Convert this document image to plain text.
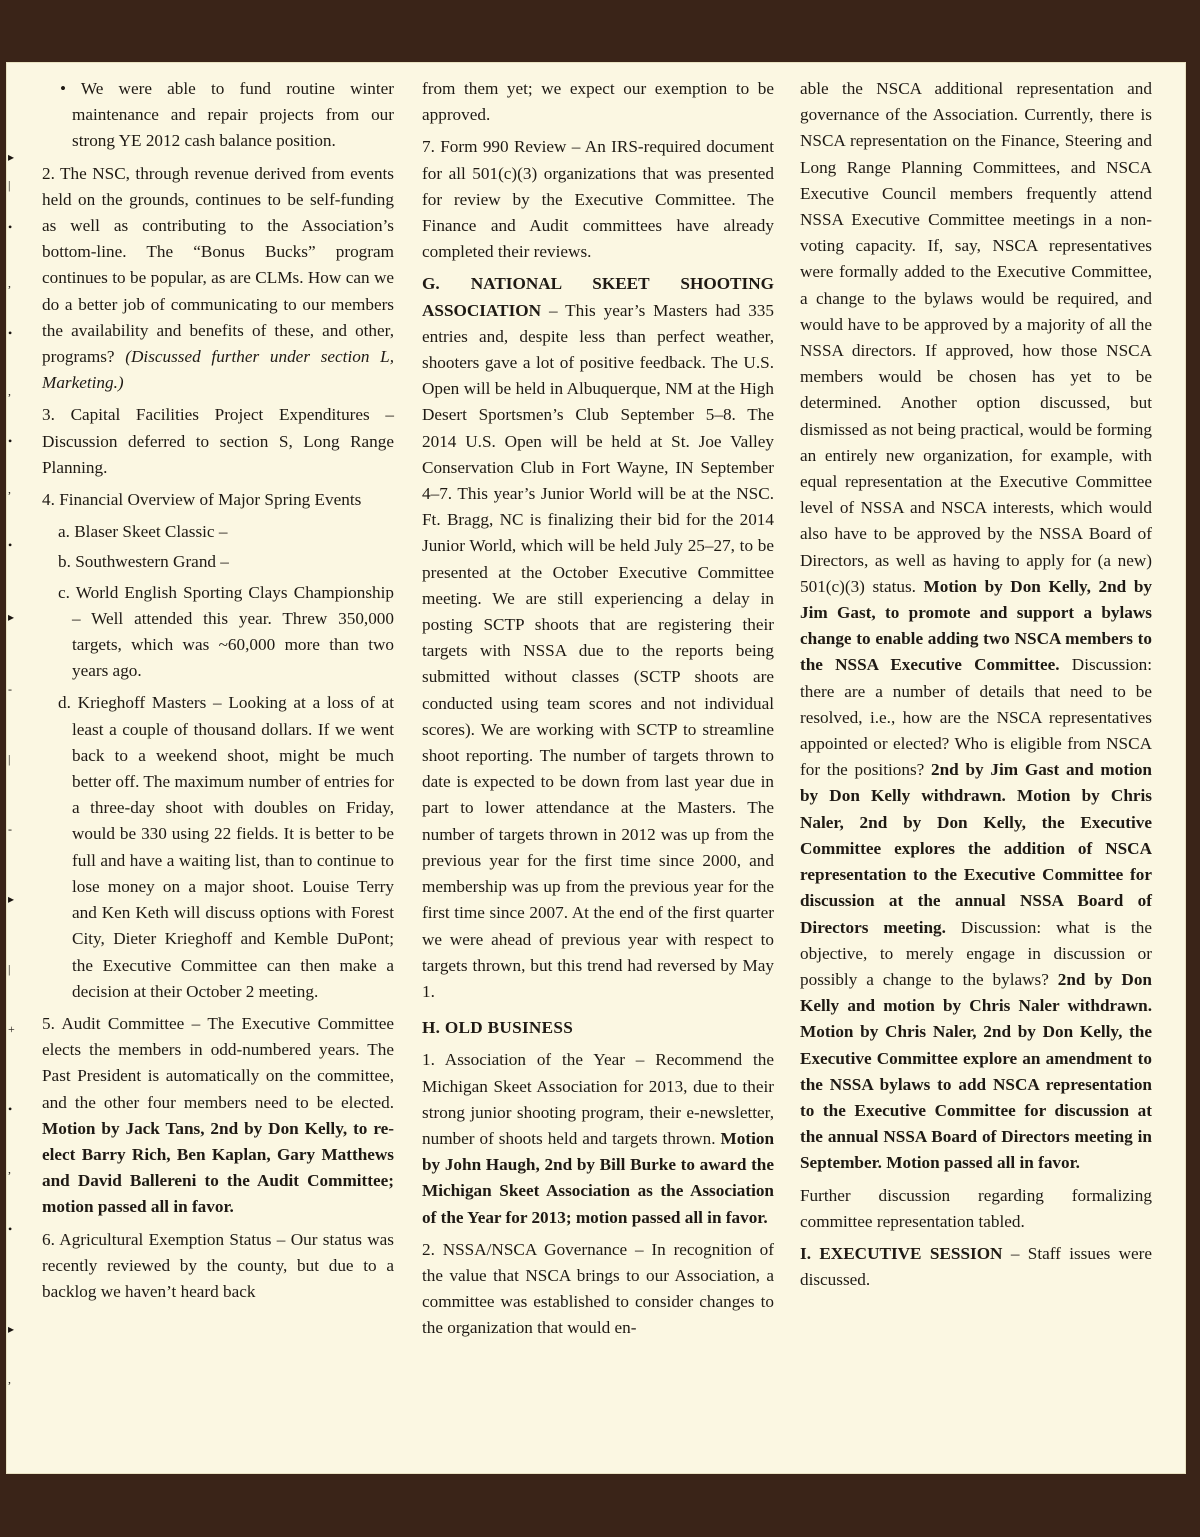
▸
|
•
,
•
,
•
,
•
▸
-
|
-
▸
|
+
•
,
•
▸
,

• We were able to fund routine winter maintenance and repair projects from our strong YE 2012 cash balance position.

2. The NSC, through revenue derived from events held on the grounds, continues to be self-funding as well as contributing to the Association’s bottom-line. The “Bonus Bucks” program continues to be popular, as are CLMs. How can we do a better job of communicating to our members the availability and benefits of these, and other, programs? (Discussed further under section L, Marketing.)

3. Capital Facilities Project Expenditures – Discussion deferred to section S, Long Range Planning.

4. Financial Overview of Major Spring Events

a. Blaser Skeet Classic –

b. Southwestern Grand –

c. World English Sporting Clays Championship – Well attended this year. Threw 350,000 targets, which was ~60,000 more than two years ago.

d. Krieghoff Masters – Looking at a loss of at least a couple of thousand dollars. If we went back to a weekend shoot, might be much better off. The maximum number of entries for a three-day shoot with doubles on Friday, would be 330 using 22 fields. It is better to be full and have a waiting list, than to continue to lose money on a major shoot. Louise Terry and Ken Keth will discuss options with Forest City, Dieter Krieghoff and Kemble DuPont; the Executive Committee can then make a decision at their October 2 meeting.

5. Audit Committee – The Executive Committee elects the members in odd-numbered years. The Past President is automatically on the committee, and the other four members need to be elected. Motion by Jack Tans, 2nd by Don Kelly, to re-elect Barry Rich, Ben Kaplan, Gary Matthews and David Ballereni to the Audit Committee; motion passed all in favor.

6. Agricultural Exemption Status – Our status was recently reviewed by the county, but due to a backlog we haven’t heard back

from them yet; we expect our exemption to be approved.

7. Form 990 Review – An IRS-required document for all 501(c)(3) organizations that was presented for review by the Executive Committee. The Finance and Audit committees have already completed their reviews.

G. NATIONAL SKEET SHOOTING ASSOCIATION – This year’s Masters had 335 entries and, despite less than perfect weather, shooters gave a lot of positive feedback. The U.S. Open will be held in Albuquerque, NM at the High Desert Sportsmen’s Club September 5–8. The 2014 U.S. Open will be held at St. Joe Valley Conservation Club in Fort Wayne, IN September 4–7. This year’s Junior World will be at the NSC. Ft. Bragg, NC is finalizing their bid for the 2014 Junior World, which will be held July 25–27, to be presented at the October Executive Committee meeting. We are still experiencing a delay in posting SCTP shoots that are registering their targets with NSSA due to the reports being submitted without classes (SCTP shoots are conducted using team scores and not individual scores). We are working with SCTP to streamline shoot reporting. The number of targets thrown to date is expected to be down from last year due in part to lower attendance at the Masters. The number of targets thrown in 2012 was up from the previous year for the first time since 2000, and membership was up from the previous year for the first time since 2007. At the end of the first quarter we were ahead of previous year with respect to targets thrown, but this trend had reversed by May 1.

H. OLD BUSINESS

1. Association of the Year – Recommend the Michigan Skeet Association for 2013, due to their strong junior shooting program, their e-newsletter, number of shoots held and targets thrown. Motion by John Haugh, 2nd by Bill Burke to award the Michigan Skeet Association as the Association of the Year for 2013; motion passed all in favor.

2. NSSA/NSCA Governance – In recognition of the value that NSCA brings to our Association, a committee was established to consider changes to the organization that would en-

able the NSCA additional representation and governance of the Association. Currently, there is NSCA representation on the Finance, Steering and Long Range Planning Committees, and NSCA Executive Council members frequently attend NSSA Executive Committee meetings in a non-voting capacity. If, say, NSCA representatives were formally added to the Executive Committee, a change to the bylaws would be required, and would have to be approved by a majority of all the NSSA directors. If approved, how those NSCA members would be chosen has yet to be determined. Another option discussed, but dismissed as not being practical, would be forming an entirely new organization, for example, with equal representation at the Executive Committee level of NSSA and NSCA interests, which would also have to be approved by the NSSA Board of Directors, as well as having to apply for (a new) 501(c)(3) status. Motion by Don Kelly, 2nd by Jim Gast, to promote and support a bylaws change to enable adding two NSCA members to the NSSA Executive Committee. Discussion: there are a number of details that need to be resolved, i.e., how are the NSCA representatives appointed or elected? Who is eligible from NSCA for the positions? 2nd by Jim Gast and motion by Don Kelly withdrawn. Motion by Chris Naler, 2nd by Don Kelly, the Executive Committee explores the addition of NSCA representation to the Executive Committee for discussion at the annual NSSA Board of Directors meeting. Discussion: what is the objective, to merely engage in discussion or possibly a change to the bylaws? 2nd by Don Kelly and motion by Chris Naler withdrawn. Motion by Chris Naler, 2nd by Don Kelly, the Executive Committee explore an amendment to the NSSA bylaws to add NSCA representation to the Executive Committee for discussion at the annual NSSA Board of Directors meeting in September. Motion passed all in favor.

Further discussion regarding formalizing committee representation tabled.

I. EXECUTIVE SESSION – Staff issues were discussed.
